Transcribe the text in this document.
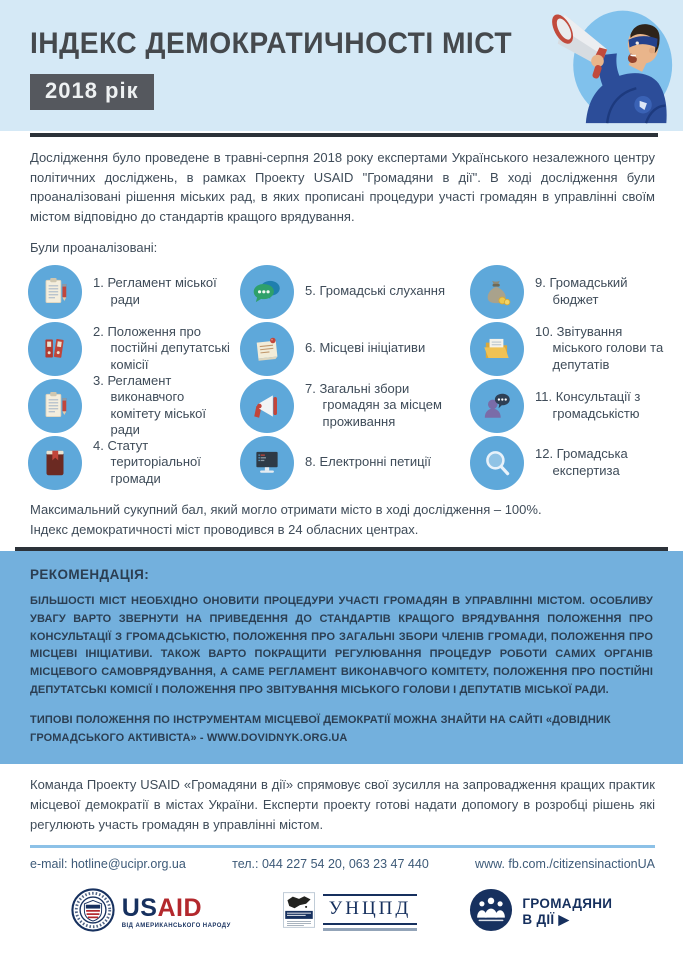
ІНДЕКС ДЕМОКРАТИЧНОСТІ МІСТ
2018 рік
Дослідження було проведене в травні-серпня 2018 року експертами Українського незалежного центру політичних досліджень, в рамках Проекту USAID "Громадяни в дії". В ході дослідження були проаналізовані рішення міських рад, в яких прописані процедури участі громадян в управлінні своїм містом відповідно до стандартів кращого врядування.
Були проаналізовані:
1. Регламент міської ради
2. Положення про постійні депутатські комісії
3. Регламент виконавчого комітету міської ради
4. Статут територіальної громади
5. Громадські слухання
6. Місцеві ініціативи
7. Загальні збори громадян за місцем проживання
8. Електронні петиції
9. Громадський бюджет
10. Звітування міського голови та депутатів
11. Консультації з громадськістю
12. Громадська експертиза
Максимальний сукупний бал, який могло отримати місто в ході дослідження – 100%.
Індекс демократичності міст проводився в 24 обласних центрах.
РЕКОМЕНДАЦІЯ:
БІЛЬШОСТІ МІСТ НЕОБХІДНО ОНОВИТИ ПРОЦЕДУРИ УЧАСТІ ГРОМАДЯН В УПРАВЛІННІ МІСТОМ. ОСОБЛИВУ УВАГУ ВАРТО ЗВЕРНУТИ НА ПРИВЕДЕННЯ ДО СТАНДАРТІВ КРАЩОГО ВРЯДУВАННЯ ПОЛОЖЕННЯ ПРО КОНСУЛЬТАЦІЇ З ГРОМАДСЬКІСТЮ, ПОЛОЖЕННЯ ПРО ЗАГАЛЬНІ ЗБОРИ ЧЛЕНІВ ГРОМАДИ, ПОЛОЖЕННЯ ПРО МІСЦЕВІ ІНІЦІАТИВИ. ТАКОЖ ВАРТО ПОКРАЩИТИ РЕГУЛЮВАННЯ ПРОЦЕДУР РОБОТИ САМИХ ОРГАНІВ МІСЦЕВОГО САМОВРЯДУВАННЯ, А САМЕ РЕГЛАМЕНТ ВИКОНАВЧОГО КОМІТЕТУ, ПОЛОЖЕННЯ ПРО ПОСТІЙНІ ДЕПУТАТСЬКІ КОМІСІЇ І ПОЛОЖЕННЯ ПРО ЗВІТУВАННЯ МІСЬКОГО ГОЛОВИ І ДЕПУТАТІВ МІСЬКОЇ РАДИ.
ТИПОВІ ПОЛОЖЕННЯ ПО ІНСТРУМЕНТАМ МІСЦЕВОЇ ДЕМОКРАТІЇ МОЖНА ЗНАЙТИ НА САЙТІ «ДОВІДНИК ГРОМАДСЬКОГО АКТИВІСТА» - WWW.DOVIDNYK.ORG.UA
Команда Проекту USAID «Громадяни в дії» спрямовує свої зусилля на запровадження кращих практик місцевої демократії в містах України. Експерти проекту готові надати допомогу в розробці рішень які регулюють участь громадян в управлінні містом.
e-mail: hotline@ucipr.org.ua	тел.: 044 227 54 20, 063 23 47 440	www. fb.com./citizensinactionUA
USAID
ВІД АМЕРИКАНСЬКОГО НАРОДУ
УНЦПД	ГРОМАДЯНИ
В ДІЇ ▶
